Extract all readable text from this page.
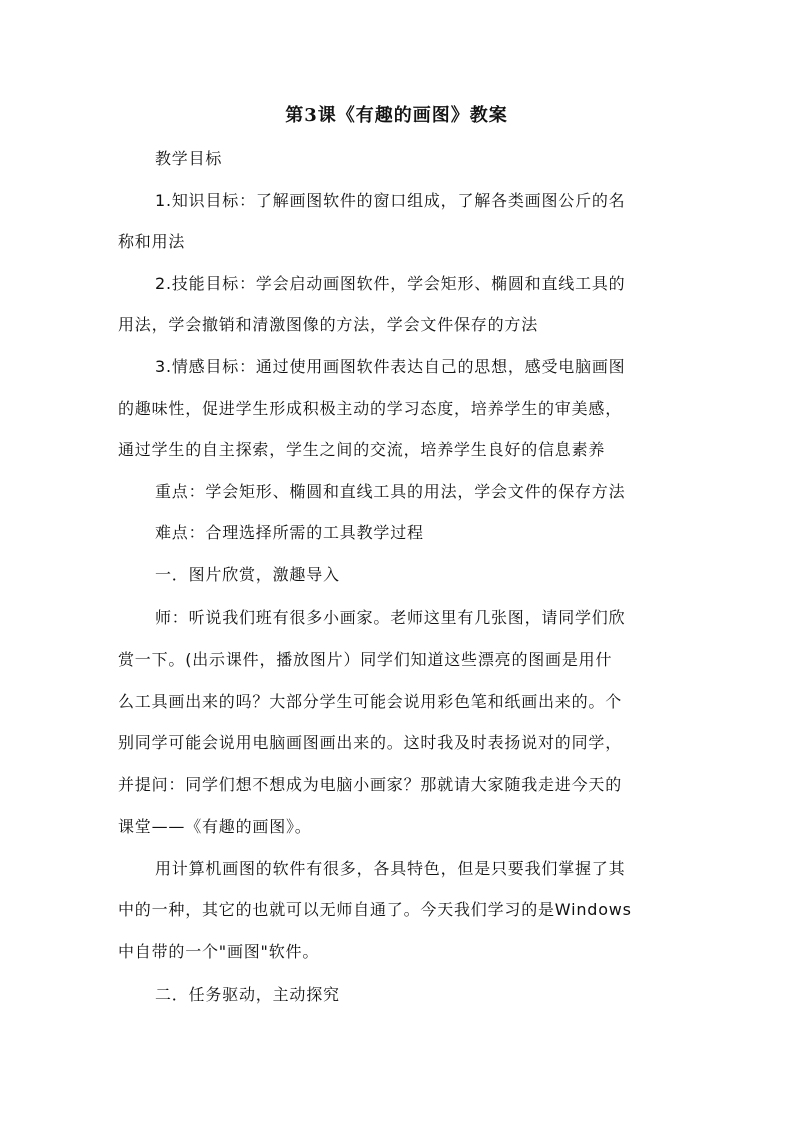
第3课《有趣的画图》教案
教学目标
1.知识目标：了解画图软件的窗口组成，了解各类画图公斤的名
称和用法
2.技能目标：学会启动画图软件，学会矩形、椭圆和直线工具的
用法，学会撤销和清激图像的方法，学会文件保存的方法
3.情感目标：通过使用画图软件表达自己的思想，感受电脑画图
的趣味性，促进学生形成积极主动的学习态度，培养学生的审美感，
通过学生的自主探索，学生之间的交流，培养学生良好的信息素养
重点：学会矩形、椭圆和直线工具的用法，学会文件的保存方法
难点：合理选择所需的工具教学过程
一．图片欣赏，激趣导入
师：听说我们班有很多小画家。老师这里有几张图，请同学们欣
赏一下。(出示课件，播放图片）同学们知道这些漂亮的图画是用什
么工具画出来的吗？大部分学生可能会说用彩色笔和纸画出来的。个
别同学可能会说用电脑画图画出来的。这时我及时表扬说对的同学，
并提问：同学们想不想成为电脑小画家？那就请大家随我走进今天的
课堂——《有趣的画图》。
用计算机画图的软件有很多，各具特色，但是只要我们掌握了其
中的一种，其它的也就可以无师自通了。今天我们学习的是Windows
中自带的一个"画图"软件。
二．任务驱动，主动探究
